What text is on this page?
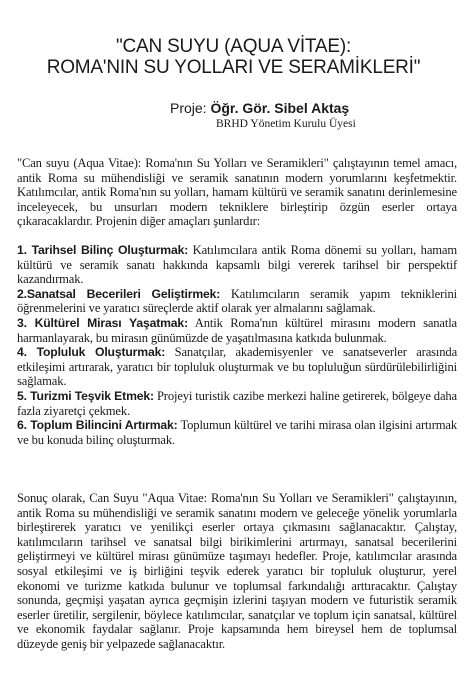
"CAN SUYU (AQUA VİTAE):
ROMA'NIN SU YOLLARI VE SERAMİKLERİ"
Proje: Öğr. Gör. Sibel Aktaş
BRHD Yönetim Kurulu Üyesi

"Can suyu (Aqua Vitae): Roma'nın Su Yolları ve Seramikleri" çalıştayının temel amacı, antik Roma su mühendisliği ve seramik sanatının modern yorumlarını keşfetmektir. Katılımcılar, antik Roma'nın su yolları, hamam kültürü ve seramik sanatını derinlemesine inceleyecek, bu unsurları modern tekniklere birleştirip özgün eserler ortaya çıkaracaklardır. Projenin diğer amaçları şunlardır:

1. Tarihsel Bilinç Oluşturmak: Katılımcılara antik Roma dönemi su yolları, hamam kültürü ve seramik sanatı hakkında kapsamlı bilgi vererek tarihsel bir perspektif kazandırmak.

2.Sanatsal Becerileri Geliştirmek: Katılımcıların seramik yapım tekniklerini öğrenmelerini ve yaratıcı süreçlerde aktif olarak yer almalarını sağlamak.

3. Kültürel Mirası Yaşatmak: Antik Roma'nın kültürel mirasını modern sanatla harmanlayarak, bu mirasın günümüzde de yaşatılmasına katkıda bulunmak.

4. Topluluk Oluşturmak: Sanatçılar, akademisyenler ve sanatseverler arasında etkileşimi artırarak, yaratıcı bir topluluk oluşturmak ve bu topluluğun sürdürülebilirliğini sağlamak.

5. Turizmi Teşvik Etmek: Projeyi turistik cazibe merkezi haline getirerek, bölgeye daha fazla ziyaretçi çekmek.

6. Toplum Bilincini Artırmak: Toplumun kültürel ve tarihi mirasa olan ilgisini artırmak ve bu konuda bilinç oluşturmak.

Sonuç olarak, Can Suyu "Aqua Vitae: Roma'nın Su Yolları ve Seramikleri" çalıştayının, antik Roma su mühendisliği ve seramik sanatını modern ve geleceğe yönelik yorumlarla birleştirerek yaratıcı ve yenilikçi eserler ortaya çıkmasını sağlanacaktır. Çalıştay, katılımcıların tarihsel ve sanatsal bilgi birikimlerini artırmayı, sanatsal becerilerini geliştirmeyi ve kültürel mirası günümüze taşımayı hedefler. Proje, katılımcılar arasında sosyal etkileşimi ve iş birliğini teşvik ederek yaratıcı bir topluluk oluşturur, yerel ekonomi ve turizme katkıda bulunur ve toplumsal farkındalığı arttıracaktır. Çalıştay sonunda, geçmişi yaşatan ayrıca geçmişin izlerini taşıyan modern ve futuristik seramik eserler üretilir, sergilenir, böylece katılımcılar, sanatçılar ve toplum için sanatsal, kültürel ve ekonomik faydalar sağlanır. Proje kapsamında hem bireysel hem de toplumsal düzeyde geniş bir yelpazede sağlanacaktır.
